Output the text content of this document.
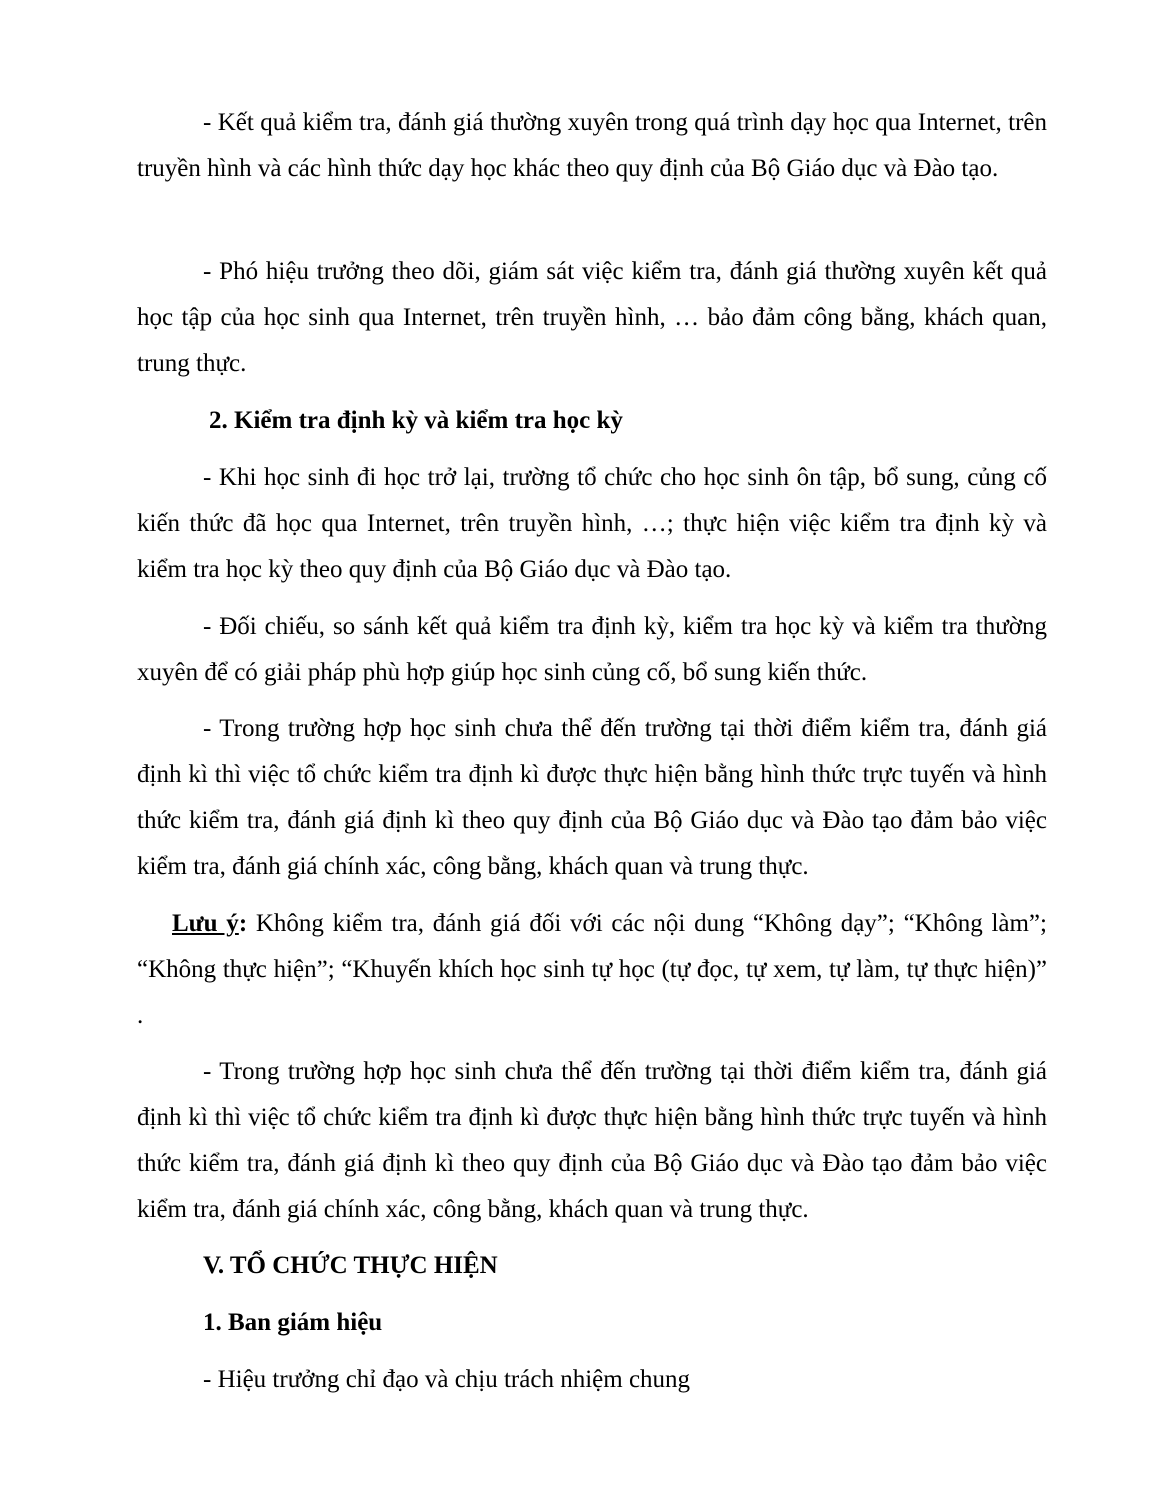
- Kết quả kiểm tra, đánh giá thường xuyên trong quá trình dạy học qua Internet, trên truyền hình và các hình thức dạy học khác theo quy định của Bộ Giáo dục và Đào tạo.

- Phó hiệu trưởng theo dõi, giám sát việc kiểm tra, đánh giá thường xuyên kết quả học tập của học sinh qua Internet, trên truyền hình, … bảo đảm công bằng, khách quan, trung thực.

2. Kiểm tra định kỳ và kiểm tra học kỳ

- Khi học sinh đi học trở lại, trường tổ chức cho học sinh ôn tập, bổ sung, củng cố kiến thức đã học qua Internet, trên truyền hình, …; thực hiện việc kiểm tra định kỳ và kiểm tra học kỳ theo quy định của Bộ Giáo dục và Đào tạo.

- Đối chiếu, so sánh kết quả kiểm tra định kỳ, kiểm tra học kỳ và kiểm tra thường xuyên để có giải pháp phù hợp giúp học sinh củng cố, bổ sung kiến thức.

- Trong trường hợp học sinh chưa thể đến trường tại thời điểm kiểm tra, đánh giá định kì thì việc tổ chức kiểm tra định kì được thực hiện bằng hình thức trực tuyến và hình thức kiểm tra, đánh giá định kì theo quy định của Bộ Giáo dục và Đào tạo đảm bảo việc kiểm tra, đánh giá chính xác, công bằng, khách quan và trung thực.

Lưu ý: Không kiểm tra, đánh giá đối với các nội dung “Không dạy”; “Không làm”; “Không thực hiện”; “Khuyến khích học sinh tự học (tự đọc, tự xem, tự làm, tự thực hiện)” .

- Trong trường hợp học sinh chưa thể đến trường tại thời điểm kiểm tra, đánh giá định kì thì việc tổ chức kiểm tra định kì được thực hiện bằng hình thức trực tuyến và hình thức kiểm tra, đánh giá định kì theo quy định của Bộ Giáo dục và Đào tạo đảm bảo việc kiểm tra, đánh giá chính xác, công bằng, khách quan và trung thực.

V. TỔ CHỨC THỰC HIỆN

1. Ban giám hiệu

- Hiệu trưởng chỉ đạo và chịu trách nhiệm chung
